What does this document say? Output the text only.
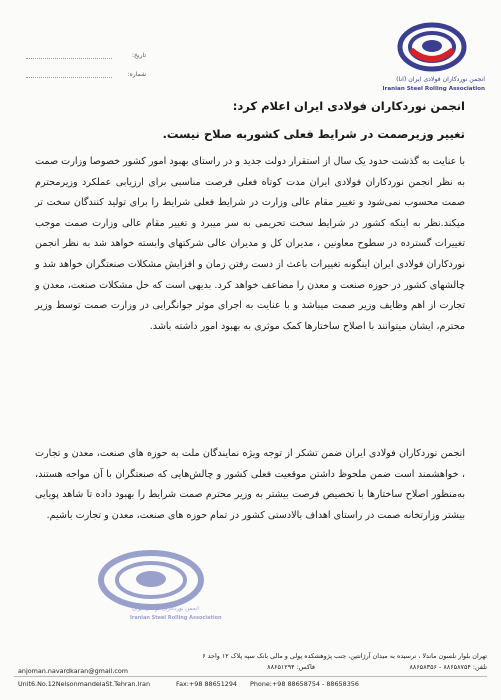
انجمن نوردکاران فولادی ایران (انا)
Iranian Steel Rolling Association
تاریخ:
شماره:
انجمن نوردکاران فولادی ایران اعلام کرد:
تغییر وزیرصمت در شرایط فعلی کشوربه صلاح نیست.
با عنایت به گذشت حدود یک سال از استقرار دولت جدید و در راستای بهبود امور کشور خصوصا وزارت صمت به نظر انجمن نوردکاران فولادی ایران مدت کوتاه فعلی فرصت مناسبی برای ارزیابی عملکرد وزیرمحترم صمت محسوب نمی‌شود و تغییر مقام عالی وزارت در شرایط فعلی شرایط را برای تولید کنندگان سخت تر میکند.نظر به اینکه کشور در شرایط سخت تحریمی به سر میبرد و تغییر مقام عالی وزارت صمت موجب تغییرات گسترده در سطوح معاونین ، مدیران کل و مدیران عالی شرکتهای وابسته خواهد شد به نظر انجمن نوردکاران فولادی ایران اینگونه تغییرات باعث از دست رفتن زمان و افزایش مشکلات صنعتگران خواهد شد و چالشهای کشور در حوزه صنعت و معدن را مضاعف خواهد کرد. بدیهی است که حل مشکلات صنعت، معدن و تجارت از اهم وظایف وزیر صمت میباشد و با عنایت به اجرای موثر جوانگرایی در وزارت صمت توسط وزیر محترم، ایشان میتوانند با اصلاح ساختارها کمک موثری به بهبود امور داشته باشد.
انجمن نوردکاران فولادی ایران ضمن تشکر از توجه ویژه نمایندگان ملت به حوزه های صنعت، معدن و تجارت ، خواهشمند است ضمن ملحوظ داشتن موقعیت فعلی کشور و چالش‌هایی که صنعتگران با آن مواجه هستند، به‌منظور اصلاح ساختارها با تخصیص فرصت بیشتر به وزیر محترم صمت شرایط را بهبود داده تا شاهد پویایی بیشتر وزارتخانه صمت در راستای اهداف بالادستی کشور در تمام حوزه های صنعت، معدن و تجارت باشیم.
انجمن نوردکاران فولادی ایران
Iranian Steel Rolling Association
تهران بلوار نلسون ماندلا ، نرسیده به میدان آرژانتین، جنب پژوهشکده پولی و مالی بانک سپه پلاک ۱۲ واحد ۶
تلفن: ۸۸۶۵۸۷۵۴ - ۸۸۶۵۸۳۵۶
فاکس: ۸۸۶۵۱۲۹۴
anjoman.navardkaran@gmail.com
Unit6.No.12NelsonmandelaSt.Tehran.Iran	Fax:+98 88651294 Phone:+98 88658754 - 88658356
